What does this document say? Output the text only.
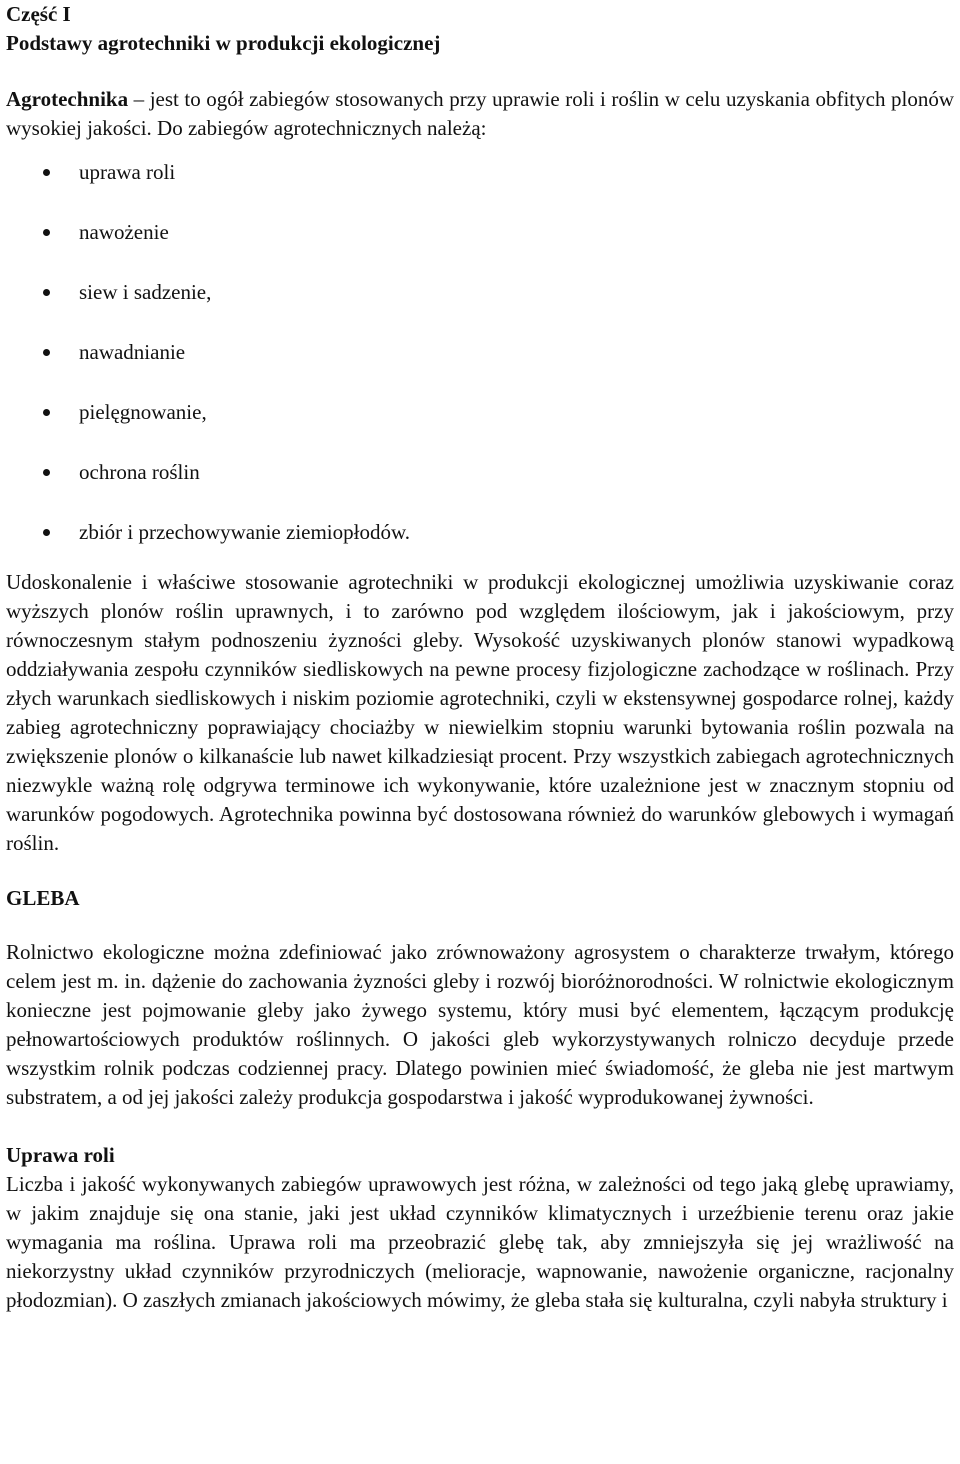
Część I
Podstawy agrotechniki w produkcji ekologicznej

Agrotechnika – jest to ogół zabiegów stosowanych przy uprawie roli i roślin w celu uzyskania obfitych plonów wysokiej jakości. Do zabiegów agrotechnicznych należą:

uprawa roli
nawożenie
siew i sadzenie,
nawadnianie
pielęgnowanie,
ochrona roślin
zbiór i przechowywanie ziemiopłodów.

Udoskonalenie i właściwe stosowanie agrotechniki w produkcji ekologicznej umożliwia uzyskiwanie coraz wyższych plonów roślin uprawnych, i to zarówno pod względem ilościowym, jak i jakościowym, przy równoczesnym stałym podnoszeniu żyzności gleby. Wysokość uzyskiwanych plonów stanowi wypadkową oddziaływania zespołu czynników siedliskowych na pewne procesy fizjologiczne zachodzące w roślinach. Przy złych warunkach siedliskowych i niskim poziomie agrotechniki, czyli w ekstensywnej gospodarce rolnej, każdy zabieg agrotechniczny poprawiający chociażby w niewielkim stopniu warunki bytowania roślin pozwala na zwiększenie plonów o kilkanaście lub nawet kilkadziesiąt procent. Przy wszystkich zabiegach agrotechnicznych niezwykle ważną rolę odgrywa terminowe ich wykonywanie, które uzależnione jest w znacznym stopniu od warunków pogodowych. Agrotechnika powinna być dostosowana również do warunków glebowych i wymagań roślin.

GLEBA

Rolnictwo ekologiczne można zdefiniować jako zrównoważony agrosystem o charakterze trwałym, którego celem jest m. in. dążenie do zachowania żyzności gleby i rozwój bioróżnorodności. W rolnictwie ekologicznym konieczne jest pojmowanie gleby jako żywego systemu, który musi być elementem, łączącym produkcję pełnowartościowych produktów roślinnych. O jakości gleb wykorzystywanych rolniczo decyduje przede wszystkim rolnik podczas codziennej pracy. Dlatego powinien mieć świadomość, że gleba nie jest martwym substratem, a od jej jakości zależy produkcja gospodarstwa i jakość wyprodukowanej żywności.

Uprawa roli

Liczba i jakość wykonywanych zabiegów uprawowych jest różna, w zależności od tego jaką glebę uprawiamy, w jakim znajduje się ona stanie, jaki jest układ czynników klimatycznych i urzeźbienie terenu oraz jakie wymagania ma roślina. Uprawa roli ma przeobrazić glebę tak, aby zmniejszyła się jej wrażliwość na niekorzystny układ czynników przyrodniczych (melioracje, wapnowanie, nawożenie organiczne, racjonalny płodozmian). O zaszłych zmianach jakościowych mówimy, że gleba stała się kulturalna, czyli nabyła struktury i
